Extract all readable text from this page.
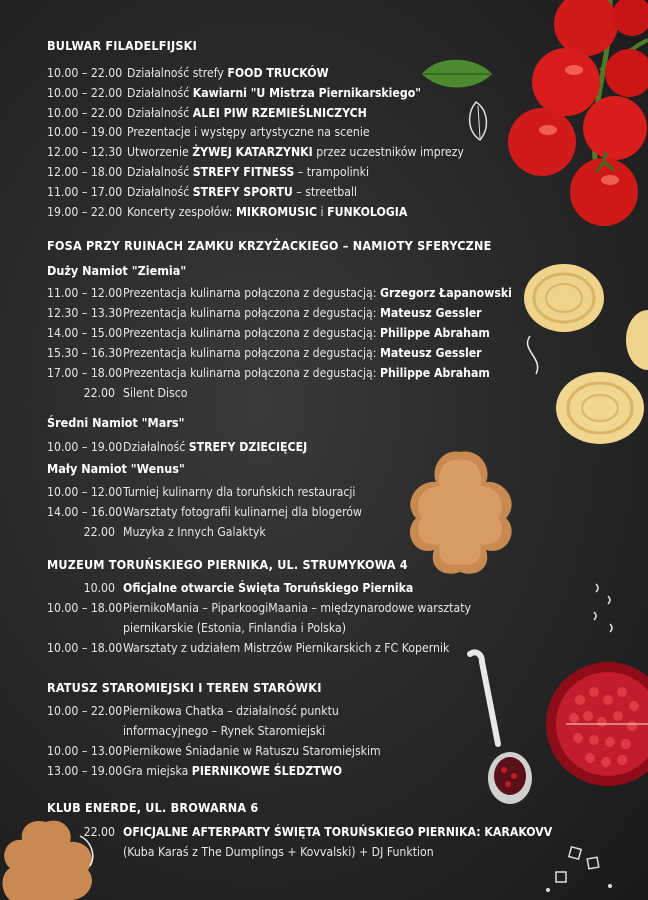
BULWAR FILADELFIJSKI
10.00 – 22.00 Działalność strefy FOOD TRUCKÓW
10.00 – 22.00 Działalność Kawiarni "U Mistrza Piernikarskiego"
10.00 – 22.00 Działalność ALEI PIW RZEMIEŚLNICZYCH
10.00 – 19.00 Prezentacje i występy artystyczne na scenie
12.00 – 12.30 Utworzenie ŻYWEJ KATARZYNKI przez uczestników imprezy
12.00 – 18.00 Działalność STREFY FITNESS – trampolinki
11.00 – 17.00 Działalność STREFY SPORTU – streetball
19.00 – 22.00 Koncerty zespołów: MIKROMUSIC i FUNKOLOGIA
FOSA PRZY RUINACH ZAMKU KRZYŻACKIEGO – NAMIOTY SFERYCZNE
Duży Namiot "Ziemia"
11.00 – 12.00Prezentacja kulinarna połączona z degustacją: Grzegorz Łapanowski
12.30 – 13.30Prezentacja kulinarna połączona z degustacją: Mateusz Gessler
14.00 – 15.00Prezentacja kulinarna połączona z degustacją: Philippe Abraham
15.30 – 16.30Prezentacja kulinarna połączona z degustacją: Mateusz Gessler
17.00 – 18.00Prezentacja kulinarna połączona z degustacją: Philippe Abraham
22.00 Silent Disco
Średni Namiot "Mars"
10.00 – 19.00Działalność STREFY DZIECIĘCEJ
Mały Namiot "Wenus"
10.00 – 12.00Turniej kulinarny dla toruńskich restauracji
14.00 – 16.00Warsztaty fotografii kulinarnej dla blogerów
22.00 Muzyka z Innych Galaktyk
MUZEUM TORUŃSKIEGO PIERNIKA, UL. STRUMYKOWA 4
10.00 Oficjalne otwarcie Święta Toruńskiego Piernika
10.00 – 18.00PiernikoMania – PiparkoogiMaania – międzynarodowe warsztaty
piernikarskie (Estonia, Finlandia i Polska)
10.00 – 18.00Warsztaty z udziałem Mistrzów Piernikarskich z FC Kopernik
RATUSZ STAROMIEJSKI I TEREN STARÓWKI
10.00 – 22.00Piernikowa Chatka – działalność punktu
informacyjnego – Rynek Staromiejski
10.00 – 13.00Piernikowe Śniadanie w Ratuszu Staromiejskim
13.00 – 19.00Gra miejska PIERNIKOWE ŚLEDZTWO
KLUB ENERDE, UL. BROWARNA 6
22.00 OFICJALNE AFTERPARTY ŚWIĘTA TORUŃSKIEGO PIERNIKA: KARAKOVV
(Kuba Karaś z The Dumplings + Kovvalski) + DJ Funktion
